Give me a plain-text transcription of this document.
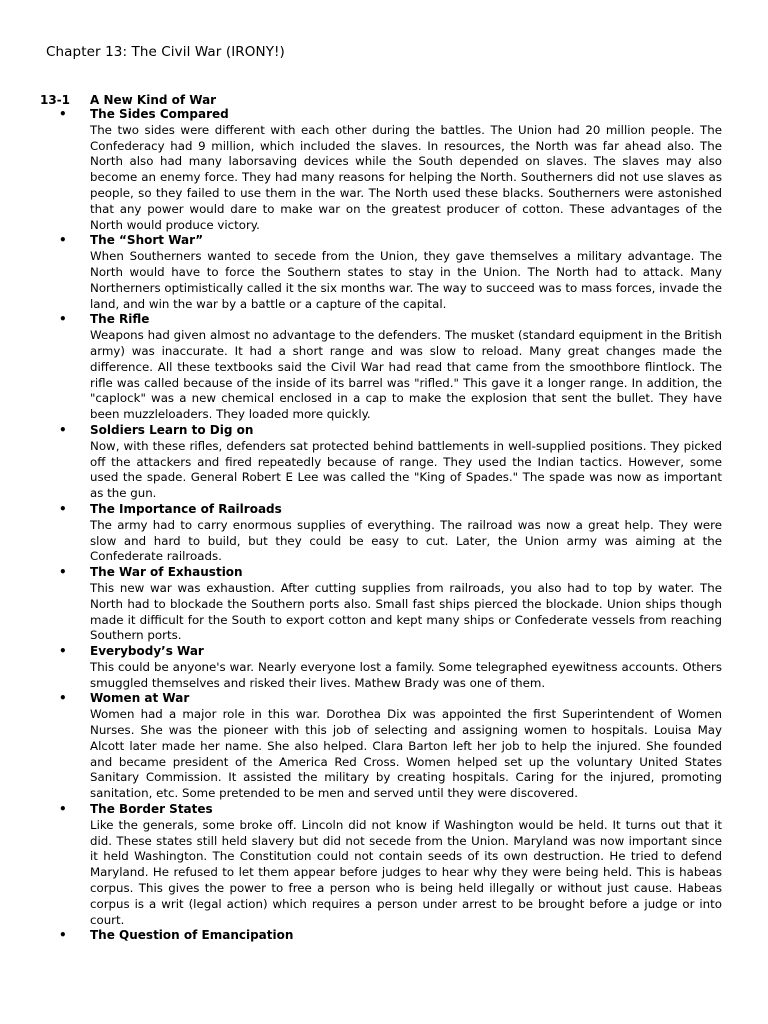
Chapter 13: The Civil War (IRONY!)
13-1 A New Kind of War
• The Sides Compared

The two sides were different with each other during the battles. The Union had 20 million people. The Confederacy had 9 million, which included the slaves. In resources, the North was far ahead also. The North also had many laborsaving devices while the South depended on slaves. The slaves may also become an enemy force. They had many reasons for helping the North. Southerners did not use slaves as people, so they failed to use them in the war. The North used these blacks. Southerners were astonished that any power would dare to make war on the greatest producer of cotton. These advantages of the North would produce victory.

• The “Short War”

When Southerners wanted to secede from the Union, they gave themselves a military advantage. The North would have to force the Southern states to stay in the Union. The North had to attack. Many Northerners optimistically called it the six months war. The way to succeed was to mass forces, invade the land, and win the war by a battle or a capture of the capital.

• The Rifle

Weapons had given almost no advantage to the defenders. The musket (standard equipment in the British army) was inaccurate. It had a short range and was slow to reload. Many great changes made the difference. All these textbooks said the Civil War had read that came from the smoothbore flintlock. The rifle was called because of the inside of its barrel was "rifled." This gave it a longer range. In addition, the "caplock" was a new chemical enclosed in a cap to make the explosion that sent the bullet. They have been muzzleloaders. They loaded more quickly.

• Soldiers Learn to Dig on

Now, with these rifles, defenders sat protected behind battlements in well-supplied positions. They picked off the attackers and fired repeatedly because of range. They used the Indian tactics. However, some used the spade. General Robert E Lee was called the "King of Spades." The spade was now as important as the gun.

• The Importance of Railroads

The army had to carry enormous supplies of everything. The railroad was now a great help. They were slow and hard to build, but they could be easy to cut. Later, the Union army was aiming at the Confederate railroads.

• The War of Exhaustion

This new war was exhaustion. After cutting supplies from railroads, you also had to top by water. The North had to blockade the Southern ports also. Small fast ships pierced the blockade. Union ships though made it difficult for the South to export cotton and kept many ships or Confederate vessels from reaching Southern ports.

• Everybody’s War

This could be anyone's war. Nearly everyone lost a family. Some telegraphed eyewitness accounts. Others smuggled themselves and risked their lives. Mathew Brady was one of them.

• Women at War

Women had a major role in this war. Dorothea Dix was appointed the first Superintendent of Women Nurses. She was the pioneer with this job of selecting and assigning women to hospitals. Louisa May Alcott later made her name. She also helped. Clara Barton left her job to help the injured. She founded and became president of the America Red Cross. Women helped set up the voluntary United States Sanitary Commission. It assisted the military by creating hospitals. Caring for the injured, promoting sanitation, etc. Some pretended to be men and served until they were discovered.

• The Border States

Like the generals, some broke off. Lincoln did not know if Washington would be held. It turns out that it did. These states still held slavery but did not secede from the Union. Maryland was now important since it held Washington. The Constitution could not contain seeds of its own destruction. He tried to defend Maryland. He refused to let them appear before judges to hear why they were being held. This is habeas corpus. This gives the power to free a person who is being held illegally or without just cause. Habeas corpus is a writ (legal action) which requires a person under arrest to be brought before a judge or into court.

• The Question of Emancipation
